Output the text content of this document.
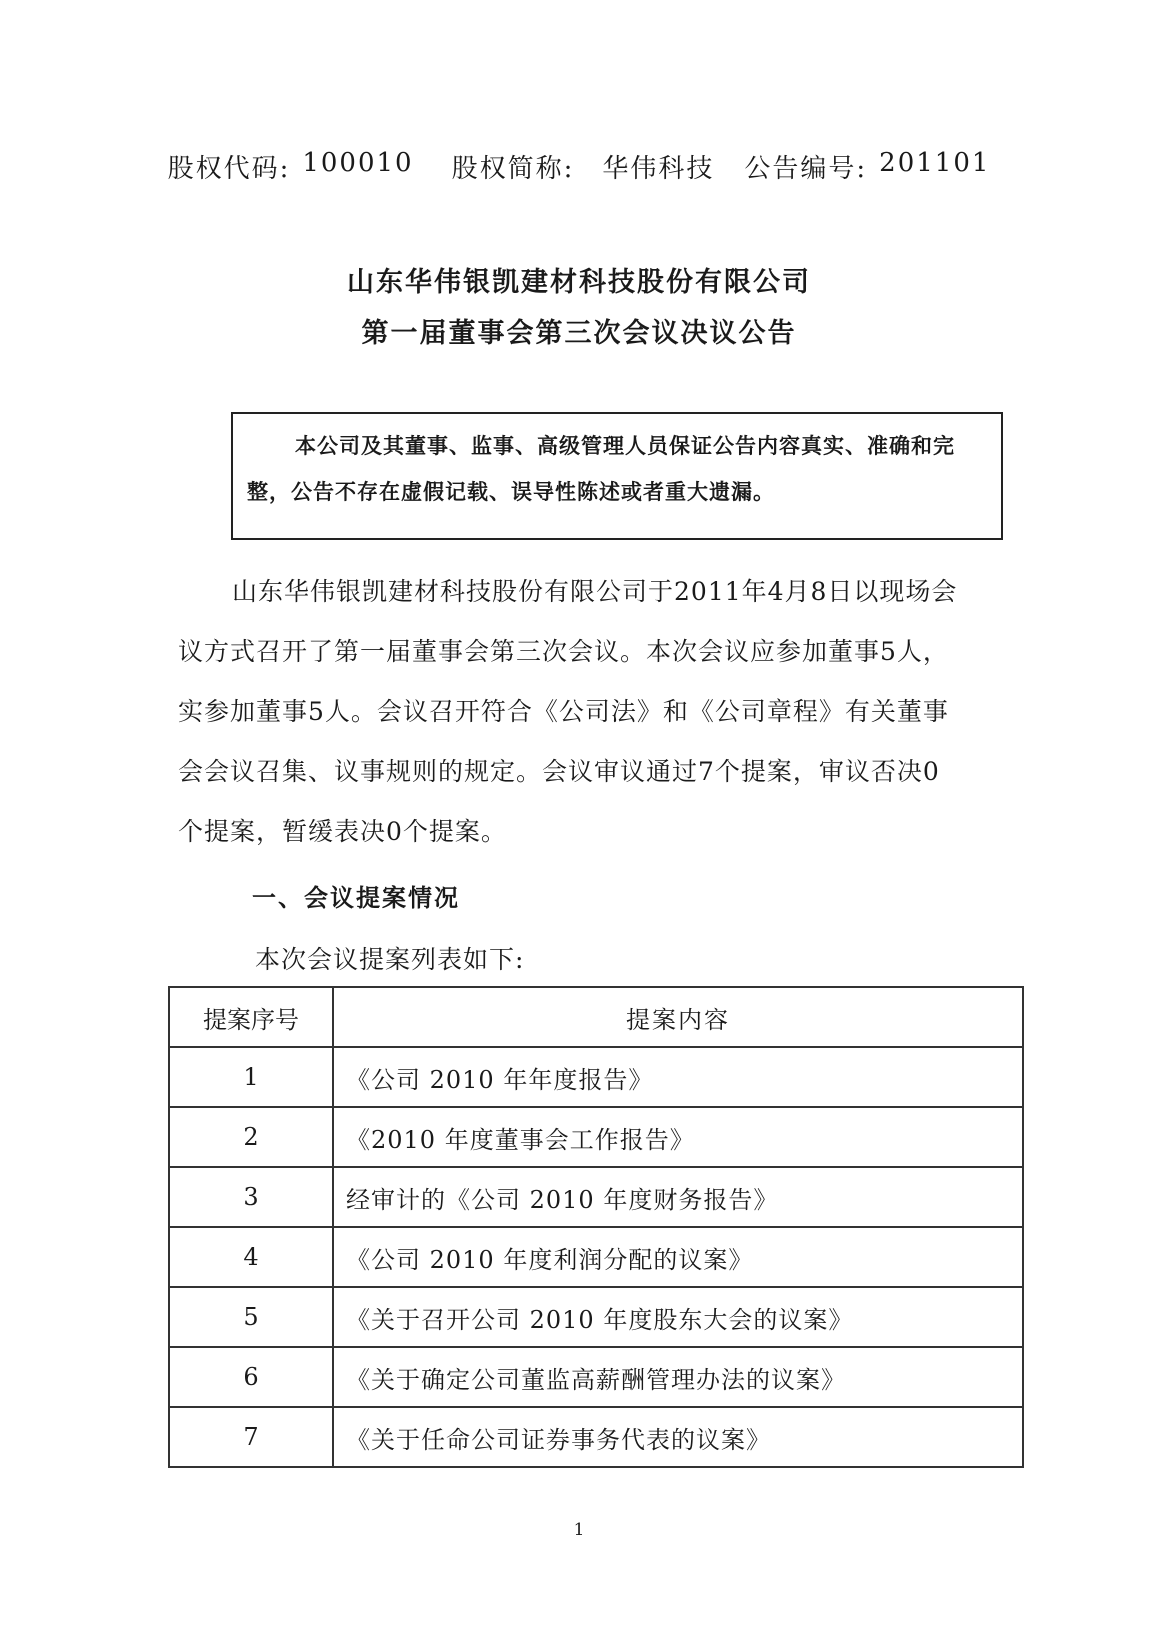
股权代码: 100010 股权简称: 华伟科技 公告编号: 201101
山东华伟银凯建材科技股份有限公司
第一届董事会第三次会议决议公告
本公司及其董事、监事、高级管理人员保证公告内容真实、准确和完
整，公告不存在虚假记载、误导性陈述或者重大遗漏。
山东华伟银凯建材科技股份有限公司于2011年4月8日以现场会
议方式召开了第一届董事会第三次会议。本次会议应参加董事5人，
实参加董事5人。会议召开符合《公司法》和《公司章程》有关董事
会会议召集、议事规则的规定。会议审议通过7个提案，审议否决0
个提案，暂缓表决0个提案。
一、会议提案情况
本次会议提案列表如下:
提案序号	提案内容
1	《公司 2010 年年度报告》
2	《2010 年度董事会工作报告》
3	经审计的《公司 2010 年度财务报告》
4	《公司 2010 年度利润分配的议案》
5	《关于召开公司 2010 年度股东大会的议案》
6	《关于确定公司董监高薪酬管理办法的议案》
7	《关于任命公司证券事务代表的议案》
1
